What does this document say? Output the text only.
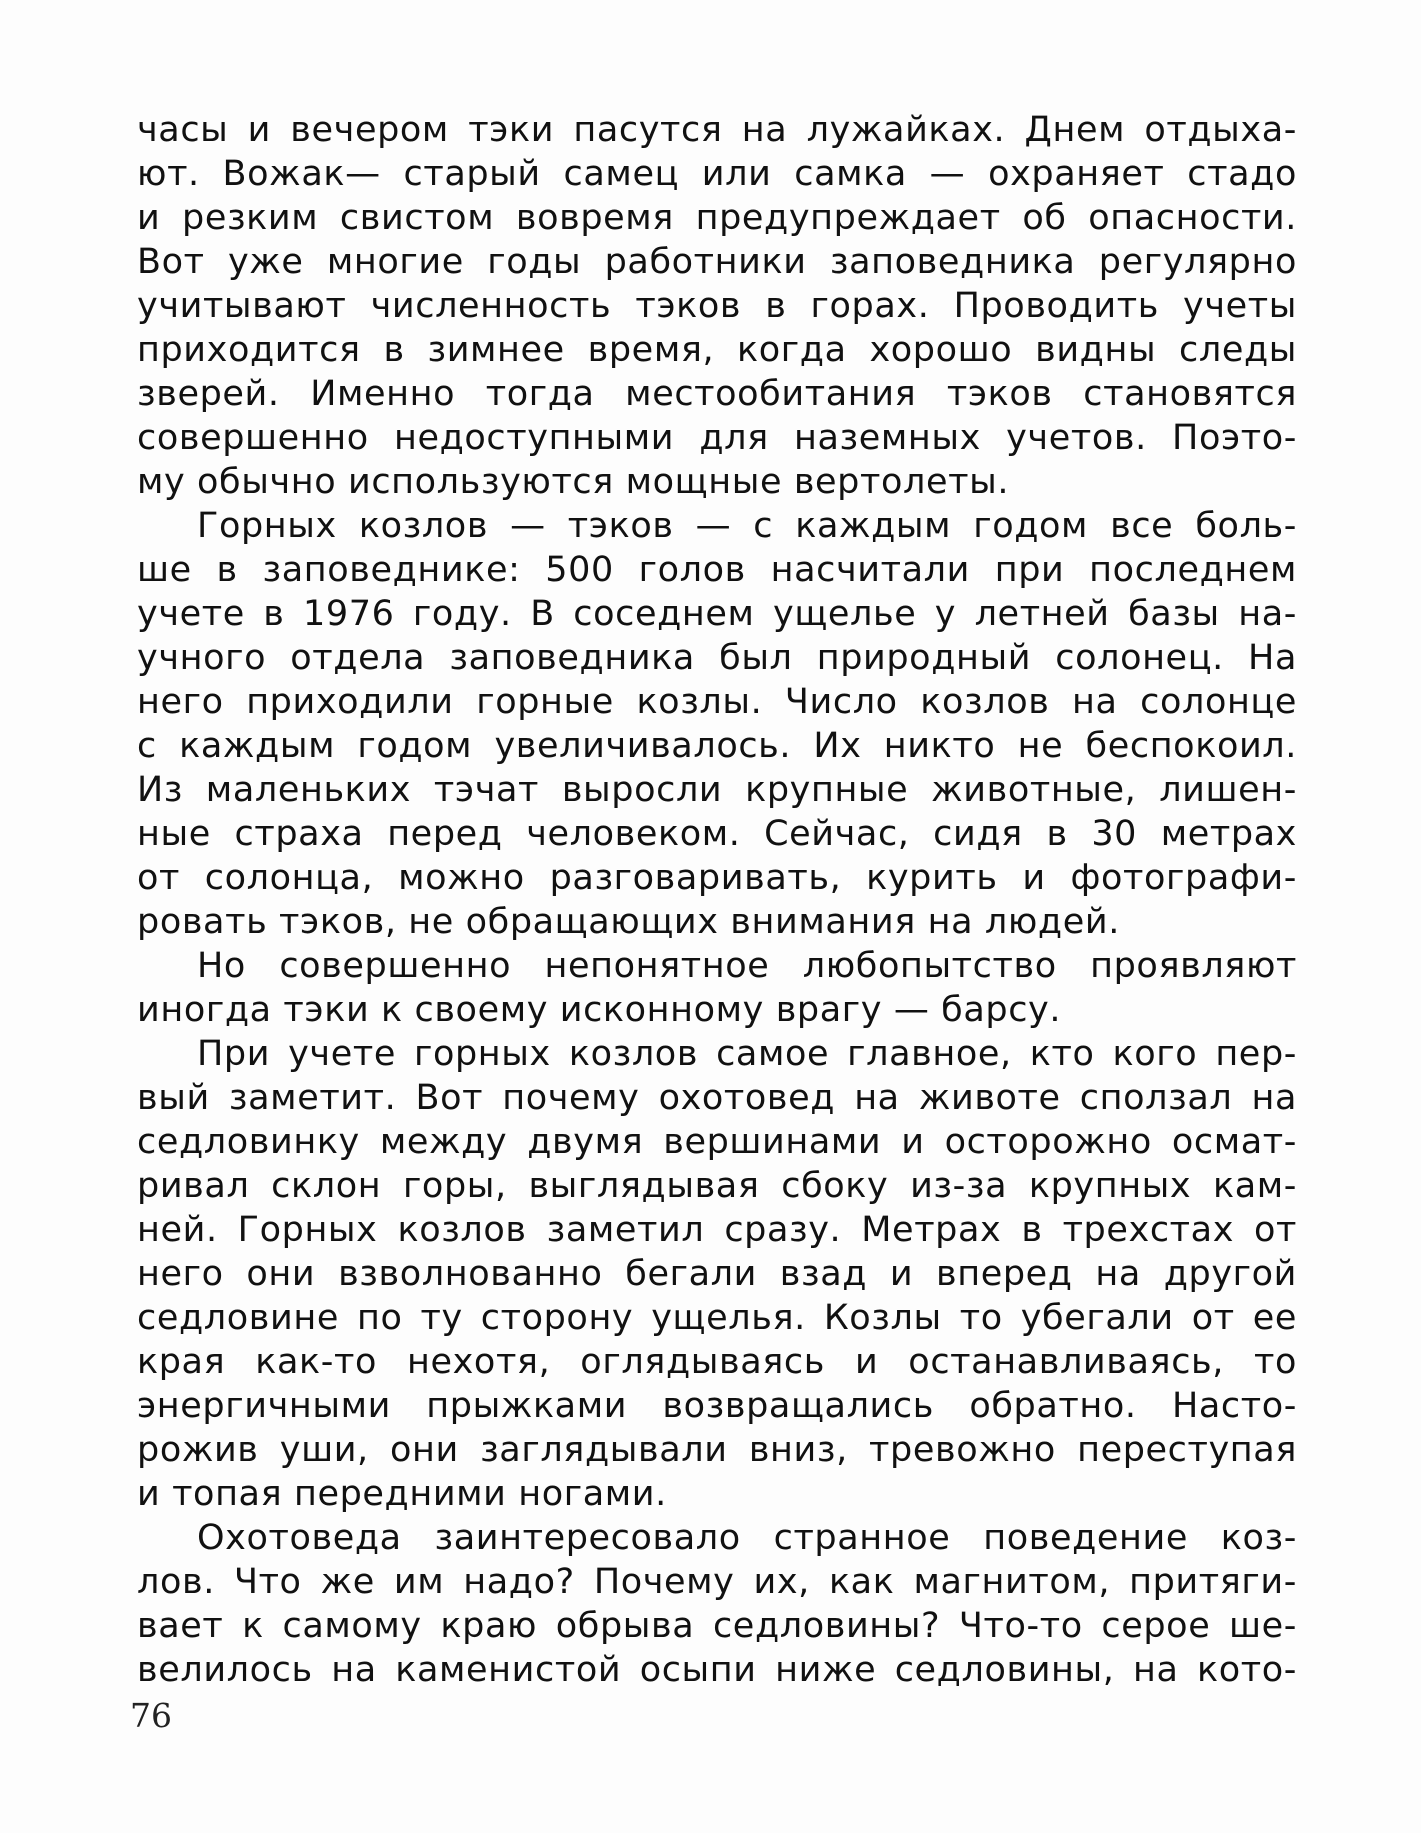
часы и вечером тэки пасутся на лужайках. Днем отдыха-
ют. Вожак— старый самец или самка — охраняет стадо
и резким свистом вовремя предупреждает об опасности.
Вот уже многие годы работники заповедника регулярно
учитывают численность тэков в горах. Проводить учеты
приходится в зимнее время, когда хорошо видны следы
зверей. Именно тогда местообитания тэков становятся
совершенно недоступными для наземных учетов. Поэто-
му обычно используются мощные вертолеты.
Горных козлов — тэков — с каждым годом все боль-
ше в заповеднике: 500 голов насчитали при последнем
учете в 1976 году. В соседнем ущелье у летней базы на-
учного отдела заповедника был природный солонец. На
него приходили горные козлы. Число козлов на солонце
с каждым годом увеличивалось. Их никто не беспокоил.
Из маленьких тэчат выросли крупные животные, лишен-
ные страха перед человеком. Сейчас, сидя в 30 метрах
от солонца, можно разговаривать, курить и фотографи-
ровать тэков, не обращающих внимания на людей.
Но совершенно непонятное любопытство проявляют
иногда тэки к своему исконному врагу — барсу.
При учете горных козлов самое главное, кто кого пер-
вый заметит. Вот почему охотовед на животе сползал на
седловинку между двумя вершинами и осторожно осмат-
ривал склон горы, выглядывая сбоку из-за крупных кам-
ней. Горных козлов заметил сразу. Метрах в трехстах от
него они взволнованно бегали взад и вперед на другой
седловине по ту сторону ущелья. Козлы то убегали от ее
края как-то нехотя, оглядываясь и останавливаясь, то
энергичными прыжками возвращались обратно. Насто-
рожив уши, они заглядывали вниз, тревожно переступая
и топая передними ногами.
Охотоведа заинтересовало странное поведение коз-
лов. Что же им надо? Почему их, как магнитом, притяги-
вает к самому краю обрыва седловины? Что-то серое ше-
велилось на каменистой осыпи ниже седловины, на кото-
76
